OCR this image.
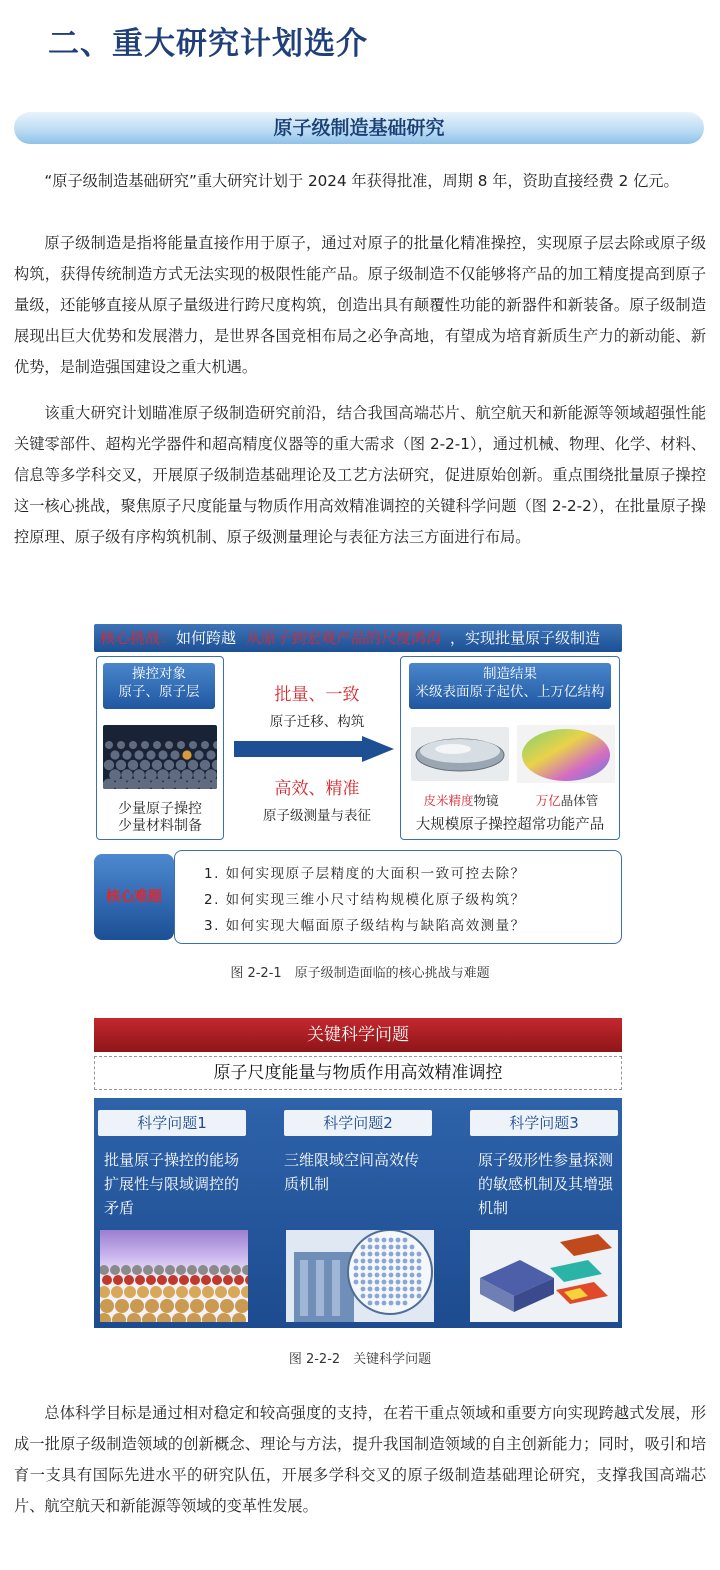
二、重大研究计划选介
原子级制造基础研究

“原子级制造基础研究”重大研究计划于 2024 年获得批准，周期 8 年，资助直接经费 2 亿元。

原子级制造是指将能量直接作用于原子，通过对原子的批量化精准操控，实现原子层去除或原子级构筑，获得传统制造方式无法实现的极限性能产品。原子级制造不仅能够将产品的加工精度提高到原子量级，还能够直接从原子量级进行跨尺度构筑，创造出具有颠覆性功能的新器件和新装备。原子级制造展现出巨大优势和发展潜力，是世界各国竞相布局之必争高地，有望成为培育新质生产力的新动能、新优势，是制造强国建设之重大机遇。

该重大研究计划瞄准原子级制造研究前沿，结合我国高端芯片、航空航天和新能源等领域超强性能关键零部件、超构光学器件和超高精度仪器等的重大需求（图 2-2-1），通过机械、物理、化学、材料、信息等多学科交叉，开展原子级制造基础理论及工艺方法研究，促进原始创新。重点围绕批量原子操控这一核心挑战，聚焦原子尺度能量与物质作用高效精准调控的关键科学问题（图 2-2-2），在批量原子操控原理、原子级有序构筑机制、原子级测量理论与表征方法三方面进行布局。

核心挑战： 如何跨越 从原子到宏观产品的尺度鸿沟 ，实现批量原子级制造
操控对象
原子、原子层
少量原子操控
少量材料制备
批量、一致
原子迁移、构筑
高效、精准
原子级测量与表征
制造结果
米级表面原子起伏、上万亿结构
皮米精度物镜	万亿晶体管
大规模原子操控超常功能产品
核心难题
1. 如何实现原子层精度的大面积一致可控去除？
2. 如何实现三维小尺寸结构规模化原子级构筑？
3. 如何实现大幅面原子级结构与缺陷高效测量？
图 2-2-1　原子级制造面临的核心挑战与难题
关键科学问题
原子尺度能量与物质作用高效精准调控
科学问题1	科学问题2	科学问题3
批量原子操控的能场扩展性与限域调控的矛盾
三维限域空间高效传质机制
原子级形性参量探测的敏感机制及其增强机制
图 2-2-2　关键科学问题

总体科学目标是通过相对稳定和较高强度的支持，在若干重点领域和重要方向实现跨越式发展，形成一批原子级制造领域的创新概念、理论与方法，提升我国制造领域的自主创新能力；同时，吸引和培育一支具有国际先进水平的研究队伍，开展多学科交叉的原子级制造基础理论研究，支撑我国高端芯片、航空航天和新能源等领域的变革性发展。
